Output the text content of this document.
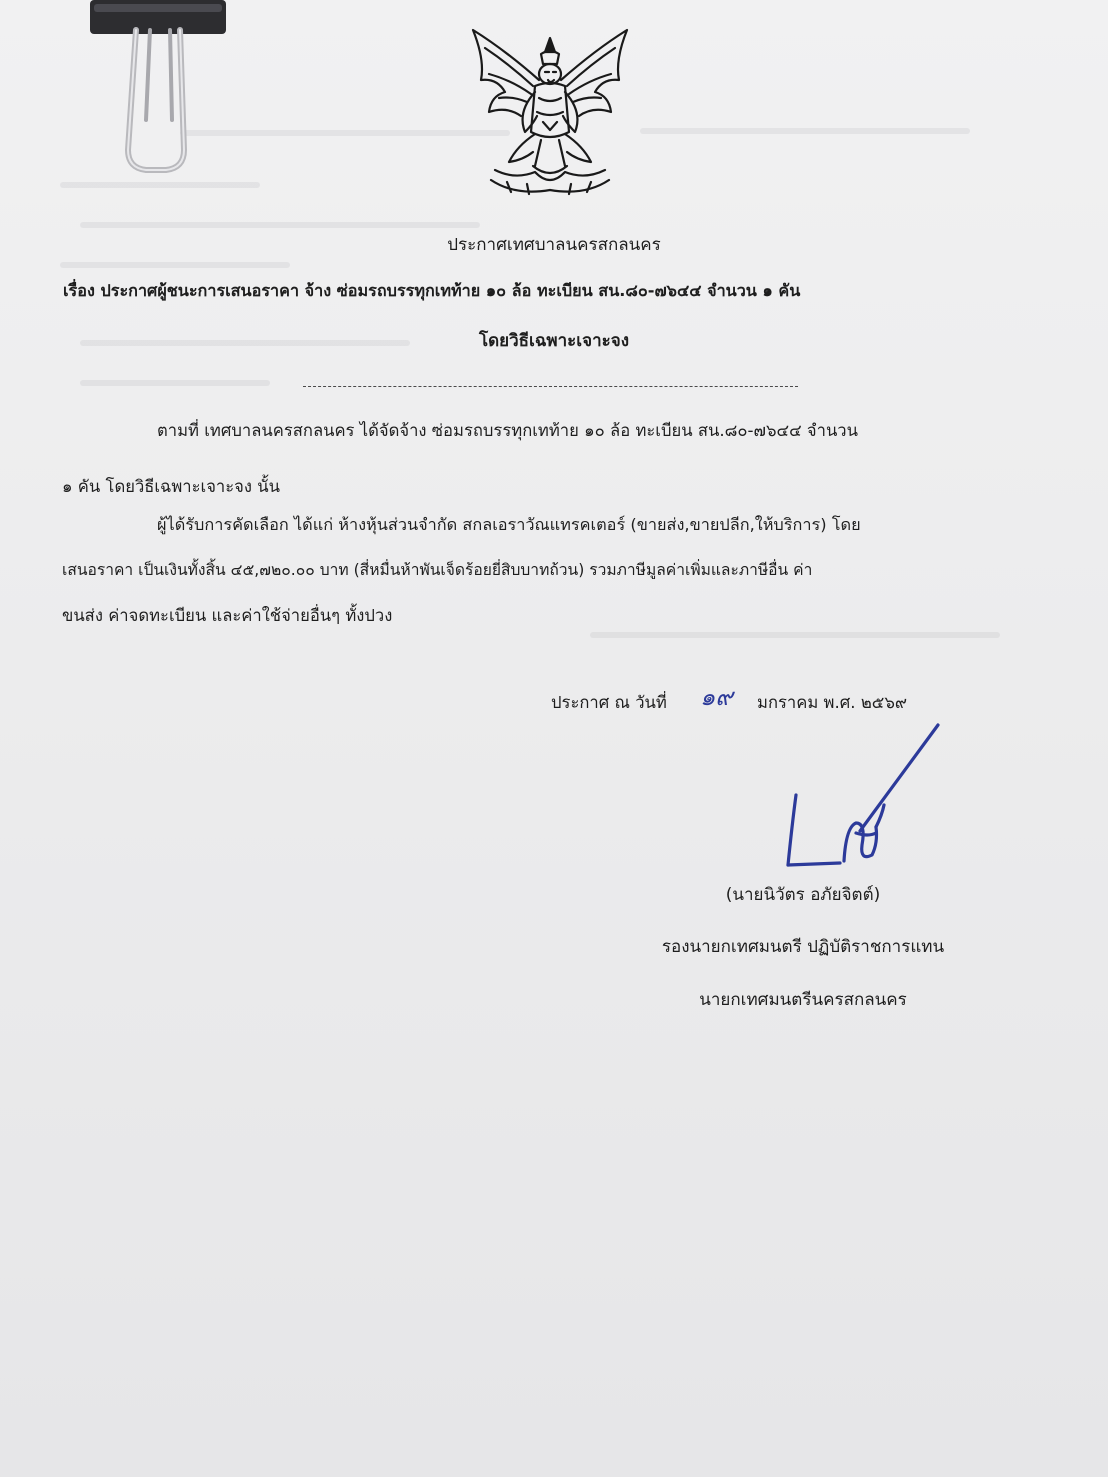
ประกาศเทศบาลนครสกลนคร
เรื่อง ประกาศผู้ชนะการเสนอราคา จ้าง ซ่อมรถบรรทุกเทท้าย ๑๐ ล้อ ทะเบียน สน.๘๐-๗๖๔๔ จำนวน ๑ คัน
โดยวิธีเฉพาะเจาะจง
ตามที่ เทศบาลนครสกลนคร ได้จัดจ้าง ซ่อมรถบรรทุกเทท้าย ๑๐ ล้อ ทะเบียน สน.๘๐-๗๖๔๔ จำนวน
๑ คัน โดยวิธีเฉพาะเจาะจง นั้น
ผู้ได้รับการคัดเลือก ได้แก่ ห้างหุ้นส่วนจำกัด สกลเอราวัณแทรคเตอร์ (ขายส่ง,ขายปลีก,ให้บริการ) โดย
เสนอราคา เป็นเงินทั้งสิ้น ๔๕,๗๒๐.๐๐ บาท (สี่หมื่นห้าพันเจ็ดร้อยยี่สิบบาทถ้วน) รวมภาษีมูลค่าเพิ่มและภาษีอื่น ค่า
ขนส่ง ค่าจดทะเบียน และค่าใช้จ่ายอื่นๆ ทั้งปวง
ประกาศ ณ วันที่ ๑๙ มกราคม พ.ศ. ๒๕๖๙
(นายนิวัตร อภัยจิตต์)
รองนายกเทศมนตรี ปฏิบัติราชการแทน
นายกเทศมนตรีนครสกลนคร
